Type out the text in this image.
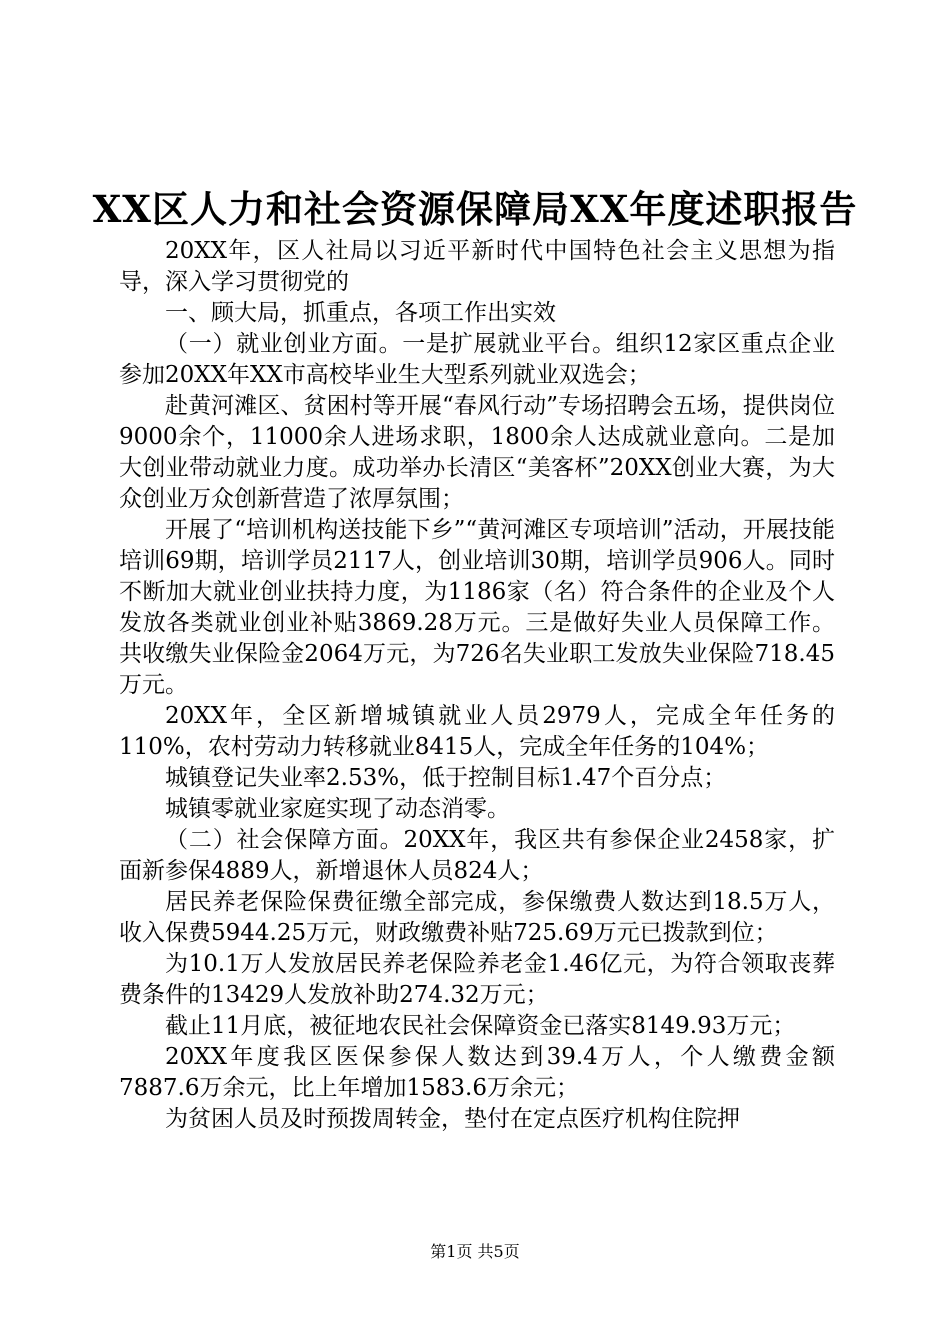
XX区人力和社会资源保障局XX年度述职报告

20XX年，区人社局以习近平新时代中国特色社会主义思想为指导，深入学习贯彻党的

一、顾大局，抓重点，各项工作出实效

（一）就业创业方面。一是扩展就业平台。组织12家区重点企业参加20XX年XX市高校毕业生大型系列就业双选会；

赴黄河滩区、贫困村等开展“春风行动”专场招聘会五场，提供岗位9000余个，11000余人进场求职，1800余人达成就业意向。二是加大创业带动就业力度。成功举办长清区“美客杯”20XX创业大赛，为大众创业万众创新营造了浓厚氛围；

开展了“培训机构送技能下乡”“黄河滩区专项培训”活动，开展技能培训69期，培训学员2117人，创业培训30期，培训学员906人。同时不断加大就业创业扶持力度，为1186家（名）符合条件的企业及个人发放各类就业创业补贴3869.28万元。三是做好失业人员保障工作。共收缴失业保险金2064万元，为726名失业职工发放失业保险718.45万元。

20XX年，全区新增城镇就业人员2979人，完成全年任务的110%，农村劳动力转移就业8415人，完成全年任务的104%；

城镇登记失业率2.53%，低于控制目标1.47个百分点；

城镇零就业家庭实现了动态消零。

（二）社会保障方面。20XX年，我区共有参保企业2458家，扩面新参保4889人，新增退休人员824人；

居民养老保险保费征缴全部完成，参保缴费人数达到18.5万人，收入保费5944.25万元，财政缴费补贴725.69万元已拨款到位；

为10.1万人发放居民养老保险养老金1.46亿元，为符合领取丧葬费条件的13429人发放补助274.32万元；

截止11月底，被征地农民社会保障资金已落实8149.93万元；

20XX年度我区医保参保人数达到39.4万人，个人缴费金额7887.6万余元，比上年增加1583.6万余元；

为贫困人员及时预拨周转金，垫付在定点医疗机构住院押

第1页 共5页
